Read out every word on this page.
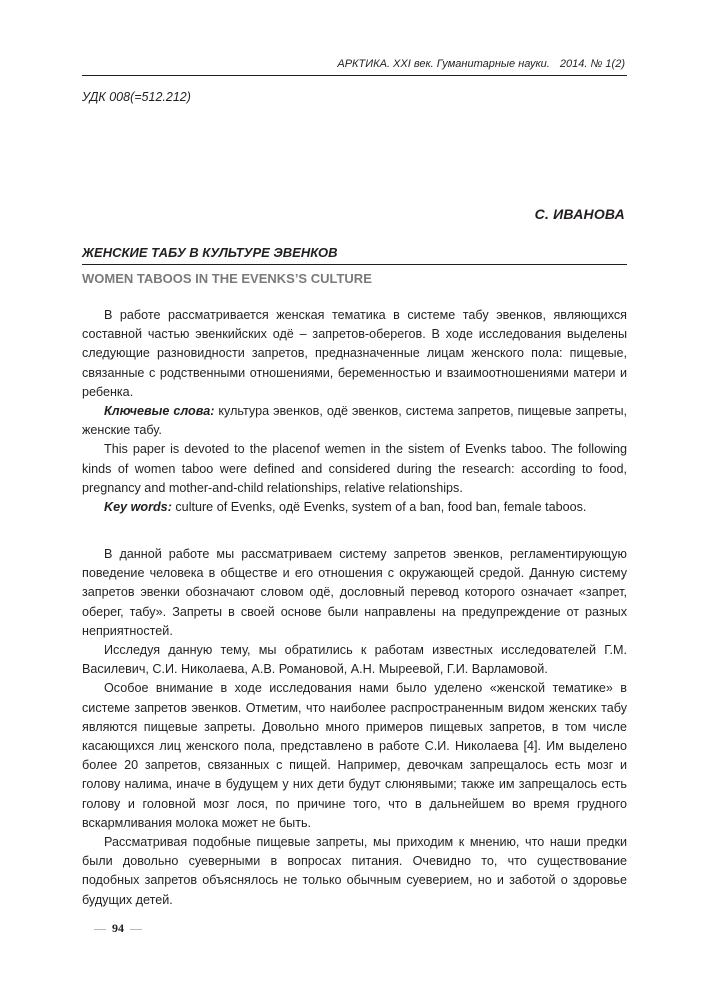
АРКТИКА. XXI век. Гуманитарные науки. 2014. № 1(2)
УДК 008(=512.212)
С. ИВАНОВА
ЖЕНСКИЕ ТАБУ В КУЛЬТУРЕ ЭВЕНКОВ
WOMEN TABOOS IN THE EVENKS’S CULTURE

В работе рассматривается женская тематика в системе табу эвенков, являющихся составной частью эвенкийских одё – запретов-оберегов. В ходе исследования выделены следующие разновидности запретов, предназначенные лицам женского пола: пищевые, связанные с родственными отношениями, беременностью и взаимоотношениями матери и ребенка.

Ключевые слова: культура эвенков, одё эвенков, система запретов, пищевые запреты, женские табу.

This paper is devoted to the placenof wemen in the sistem of Evenks taboo. The following kinds of women taboo were defined and considered during the research: according to food, pregnancy and mother-and-child relationships, relative relationships.

Key words: culture of Evenks, одё Evenks, system of a ban, food ban, female taboos.

В данной работе мы рассматриваем систему запретов эвенков, регламентирующую поведение человека в обществе и его отношения с окружающей средой. Данную систему запретов эвенки обозначают словом одё, дословный перевод которого означает «запрет, оберег, табу». Запреты в своей основе были направлены на предупреждение от разных неприятностей.

Исследуя данную тему, мы обратились к работам известных исследователей Г.М. Василевич, С.И. Николаева, А.В. Романовой, А.Н. Мыреевой, Г.И. Варламовой.

Особое внимание в ходе исследования нами было уделено «женской тематике» в системе запретов эвенков. Отметим, что наиболее распространенным видом женских табу являются пищевые запреты. Довольно много примеров пищевых запретов, в том числе касающихся лиц женского пола, представлено в работе С.И. Николаева [4]. Им выделено более 20 запретов, связанных с пищей. Например, девочкам запрещалось есть мозг и голову налима, иначе в будущем у них дети будут слюнявыми; также им запрещалось есть голову и головной мозг лося, по причине того, что в дальнейшем во время грудного вскармливания молока может не быть.

Рассматривая подобные пищевые запреты, мы приходим к мнению, что наши предки были довольно суеверными в вопросах питания. Очевидно то, что существование подобных запретов объяснялось не только обычным суеверием, но и заботой о здоровье будущих детей.

— 94 —
